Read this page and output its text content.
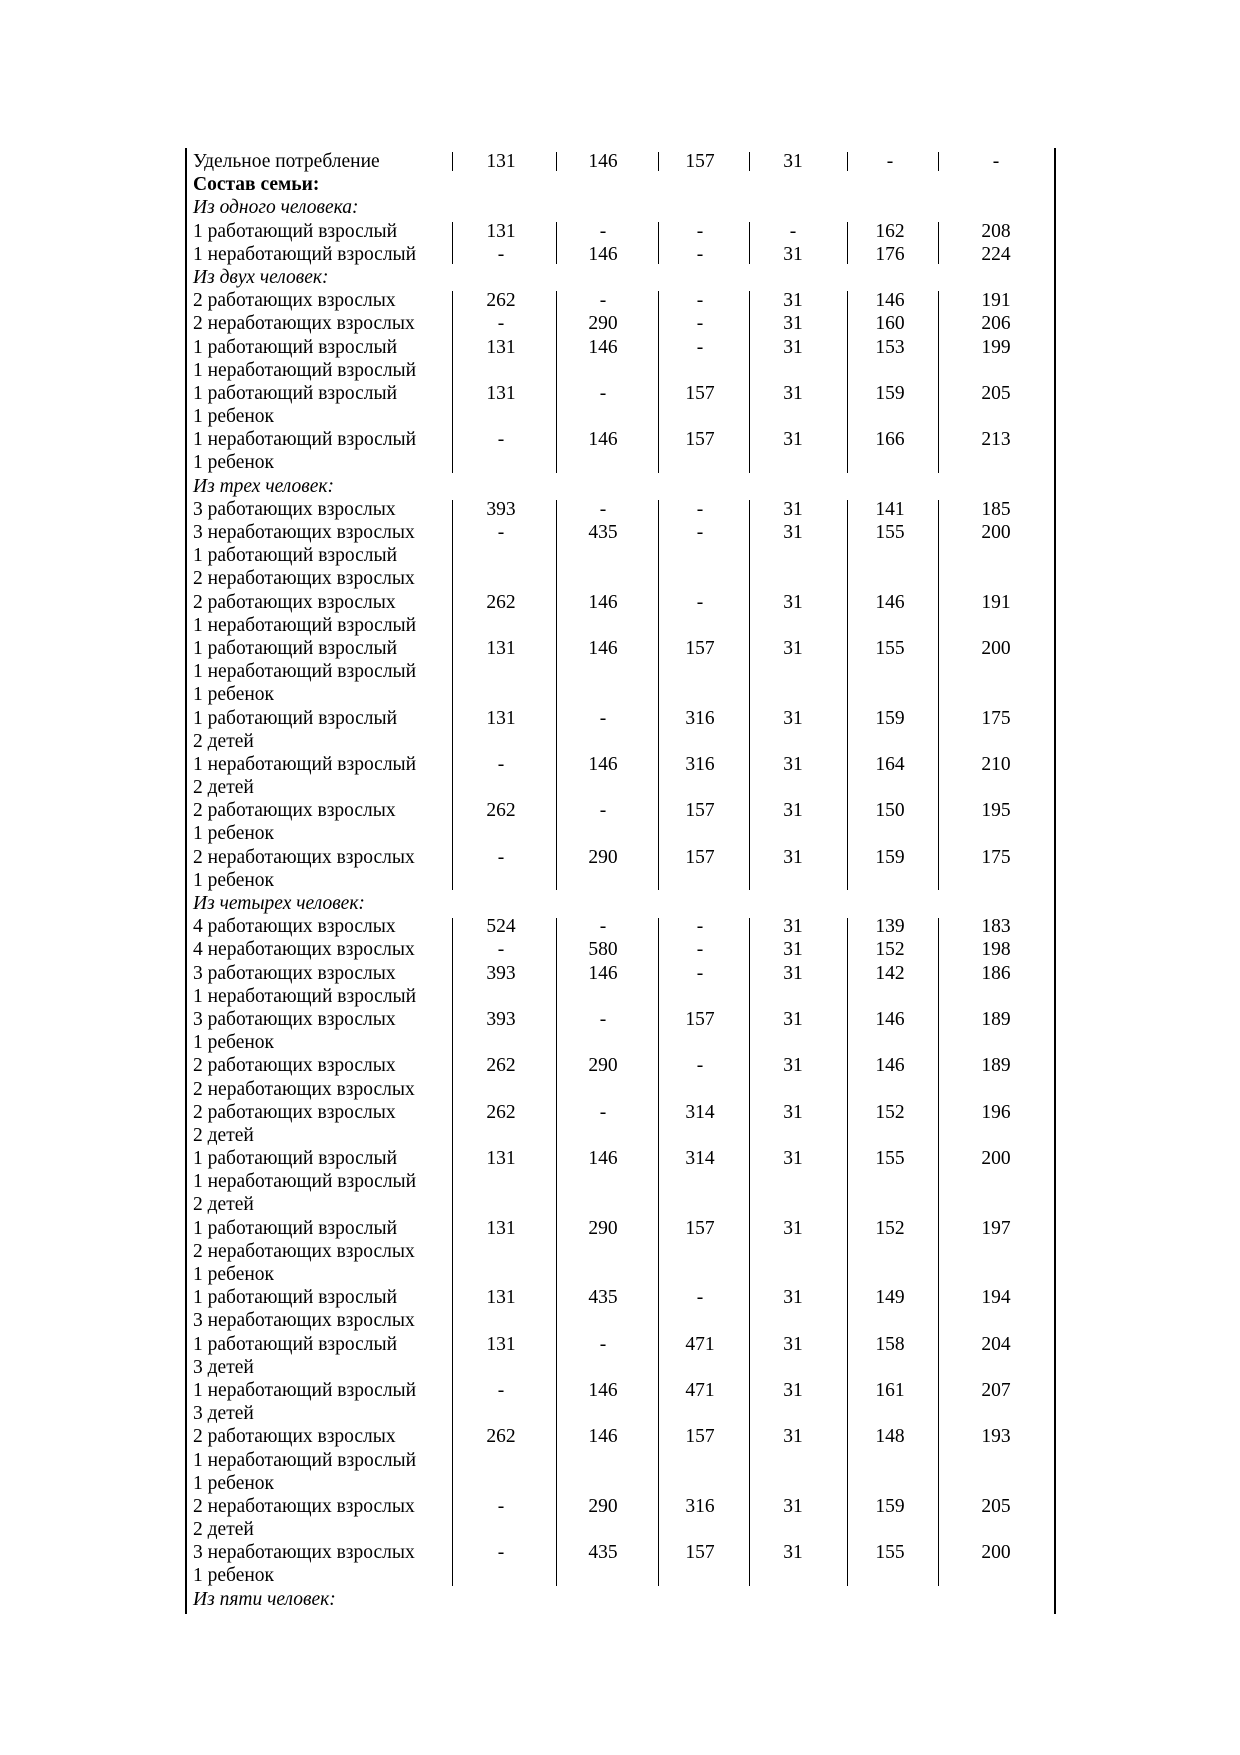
Удельное потребление	131	146	157	31	-	-
Состав семьи:
Из одного человека:
1 работающий взрослый	131	-	-	-	162	208
1 неработающий взрослый	-	146	-	31	176	224
Из двух человек:
2 работающих взрослых	262	-	-	31	146	191
2 неработающих взрослых	-	290	-	31	160	206
1 работающий взрослый	131	146	-	31	153	199
1 неработающий взрослый
1 работающий взрослый	131	-	157	31	159	205
1 ребенок
1 неработающий взрослый	-	146	157	31	166	213
1 ребенок
Из трех человек:
3 работающих взрослых	393	-	-	31	141	185
3 неработающих взрослых	-	435	-	31	155	200
1 работающий взрослый
2 неработающих взрослых
2 работающих взрослых	262	146	-	31	146	191
1 неработающий взрослый
1 работающий взрослый	131	146	157	31	155	200
1 неработающий взрослый
1 ребенок
1 работающий взрослый	131	-	316	31	159	175
2 детей
1 неработающий взрослый	-	146	316	31	164	210
2 детей
2 работающих взрослых	262	-	157	31	150	195
1 ребенок
2 неработающих взрослых	-	290	157	31	159	175
1 ребенок
Из четырех человек:
4 работающих взрослых	524	-	-	31	139	183
4 неработающих взрослых	-	580	-	31	152	198
3 работающих взрослых	393	146	-	31	142	186
1 неработающий взрослый
3 работающих взрослых	393	-	157	31	146	189
1 ребенок
2 работающих взрослых	262	290	-	31	146	189
2 неработающих взрослых
2 работающих взрослых	262	-	314	31	152	196
2 детей
1 работающий взрослый	131	146	314	31	155	200
1 неработающий взрослый
2 детей
1 работающий взрослый	131	290	157	31	152	197
2 неработающих взрослых
1 ребенок
1 работающий взрослый	131	435	-	31	149	194
3 неработающих взрослых
1 работающий взрослый	131	-	471	31	158	204
3 детей
1 неработающий взрослый	-	146	471	31	161	207
3 детей
2 работающих взрослых	262	146	157	31	148	193
1 неработающий взрослый
1 ребенок
2 неработающих взрослых	-	290	316	31	159	205
2 детей
3 неработающих взрослых	-	435	157	31	155	200
1 ребенок
Из пяти человек:
